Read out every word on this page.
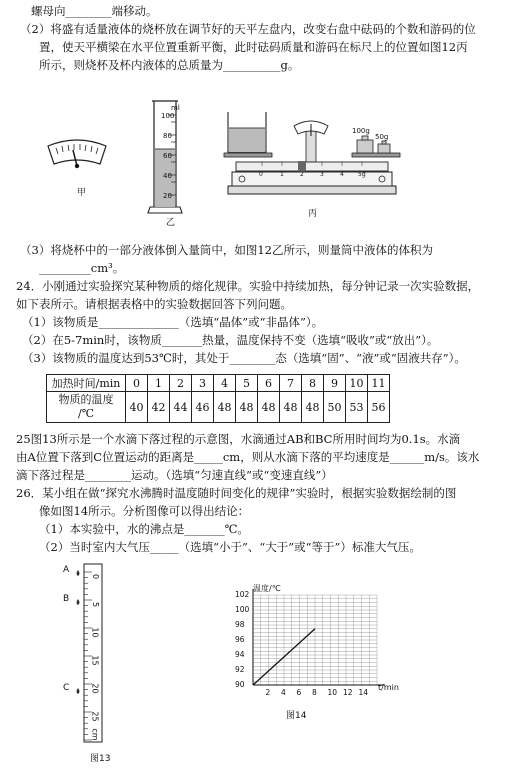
螺母向________端移动。
（2）将盛有适量液体的烧杯放在调节好的天平左盘内，改变右盘中砝码的个数和游码的位
置，使天平横梁在水平位置重新平衡，此时砝码质量和游码在标尺上的位置如图12丙
所示，则烧杯及杯内液体的总质量为__________g。
甲
ml
100
80
60
40
20
乙
100g
50g
0	1	2	3	4 5g
丙
（3）将烧杯中的一部分液体倒入量筒中，如图12乙所示，则量筒中液体的体积为
_________cm³。
24．小刚通过实验探究某种物质的熔化规律。实验中持续加热，每分钟记录一次实验数据，
如下表所示。请根据表格中的实验数据回答下列问题。
（1）该物质是______________（选填“晶体”或“非晶体”）。
（2）在5-7min时，该物质_______热量，温度保持不变（选填“吸收”或“放出”）。
（3）该物质的温度达到53℃时，其处于________态（选填“固”、“液”或“固液共存”）。
加热时间/min	0	1	2	3	4	5	6	7	8	9	10	11
物质的温度
/℃	40	42	44	46	48	48	48	48	48	50	53	56
25图13所示是一个水滴下落过程的示意图，水滴通过AB和BC所用时间均为0.1s。水滴
由A位置下落到C位置运动的距离是_____cm，则从水滴下落的平均速度是______m/s。该水
滴下落过程是________运动。（选填“匀速直线”或“变速直线”）
26．某小组在做“探究水沸腾时温度随时间变化的规律”实验时，根据实验数据绘制的图
像如图14所示。分析图像可以得出结论：
（1）本实验中，水的沸点是_______℃。
（2）当时室内大气压_____（选填“小于”、“大于”或“等于”）标准大气压。
A
B
C
0
5
10
15
20
25
cm
图13
温度/℃
t/min
102
100
98
96
94
92
90
2 4 6 8 10 12 14
图14
